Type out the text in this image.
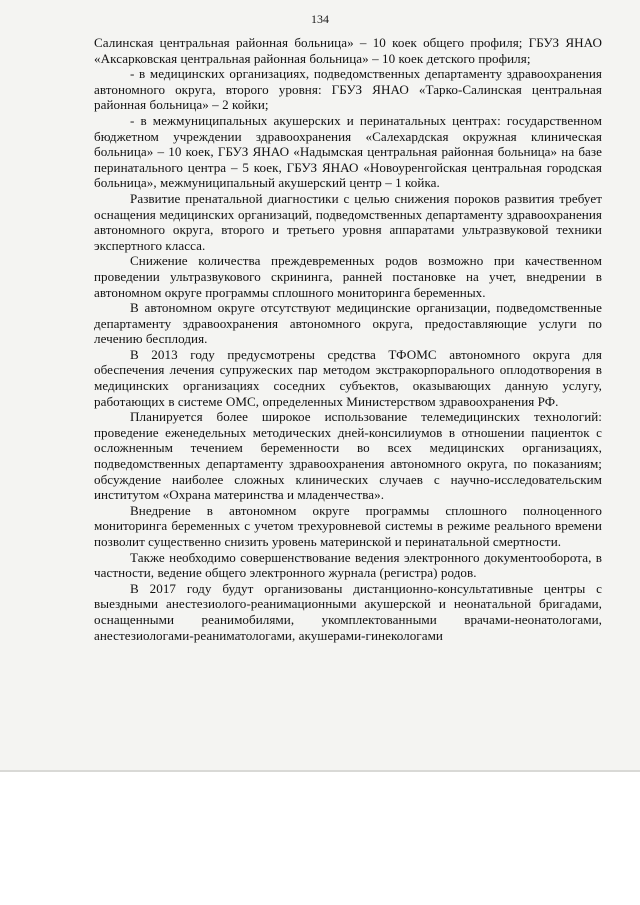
134

Салинская центральная районная больница» – 10 коек общего профиля; ГБУЗ ЯНАО «Аксарковская центральная районная больница» – 10 коек детского профиля;

- в медицинских организациях, подведомственных департаменту здравоохранения автономного округа, второго уровня: ГБУЗ ЯНАО «Тарко-Салинская центральная районная больница» – 2 койки;

- в межмуниципальных акушерских и перинатальных центрах: государственном бюджетном учреждении здравоохранения «Салехардская окружная клиническая больница» – 10 коек, ГБУЗ ЯНАО «Надымская центральная районная больница» на базе перинатального центра – 5 коек, ГБУЗ ЯНАО «Новоуренгойская центральная городская больница», межмуниципальный акушерский центр – 1 койка.

Развитие пренатальной диагностики с целью снижения пороков развития требует оснащения медицинских организаций, подведомственных департаменту здравоохранения автономного округа, второго и третьего уровня аппаратами ультразвуковой техники экспертного класса.

Снижение количества преждевременных родов возможно при качественном проведении ультразвукового скрининга, ранней постановке на учет, внедрении в автономном округе программы сплошного мониторинга беременных.

В автономном округе отсутствуют медицинские организации, подведомственные департаменту здравоохранения автономного округа, предоставляющие услуги по лечению бесплодия.

В 2013 году предусмотрены средства ТФОМС автономного округа для обеспечения лечения супружеских пар методом экстракорпорального оплодотворения в медицинских организациях соседних субъектов, оказывающих данную услугу, работающих в системе ОМС, определенных Министерством здравоохранения РФ.

Планируется более широкое использование телемедицинских технологий: проведение еженедельных методических дней-консилиумов в отношении пациенток с осложненным течением беременности во всех медицинских организациях, подведомственных департаменту здравоохранения автономного округа, по показаниям; обсуждение наиболее сложных клинических случаев с научно-исследовательским институтом «Охрана материнства и младенчества».

Внедрение в автономном округе программы сплошного полноценного мониторинга беременных с учетом трехуровневой системы в режиме реального времени позволит существенно снизить уровень материнской и перинатальной смертности.

Также необходимо совершенствование ведения электронного документооборота, в частности, ведение общего электронного журнала (регистра) родов.

В 2017 году будут организованы дистанционно-консультативные центры с выездными анестезиолого-реанимационными акушерской и неонатальной бригадами, оснащенными реанимобилями, укомплектованными врачами-неонатологами, анестезиологами-реаниматологами, акушерами-гинекологами
